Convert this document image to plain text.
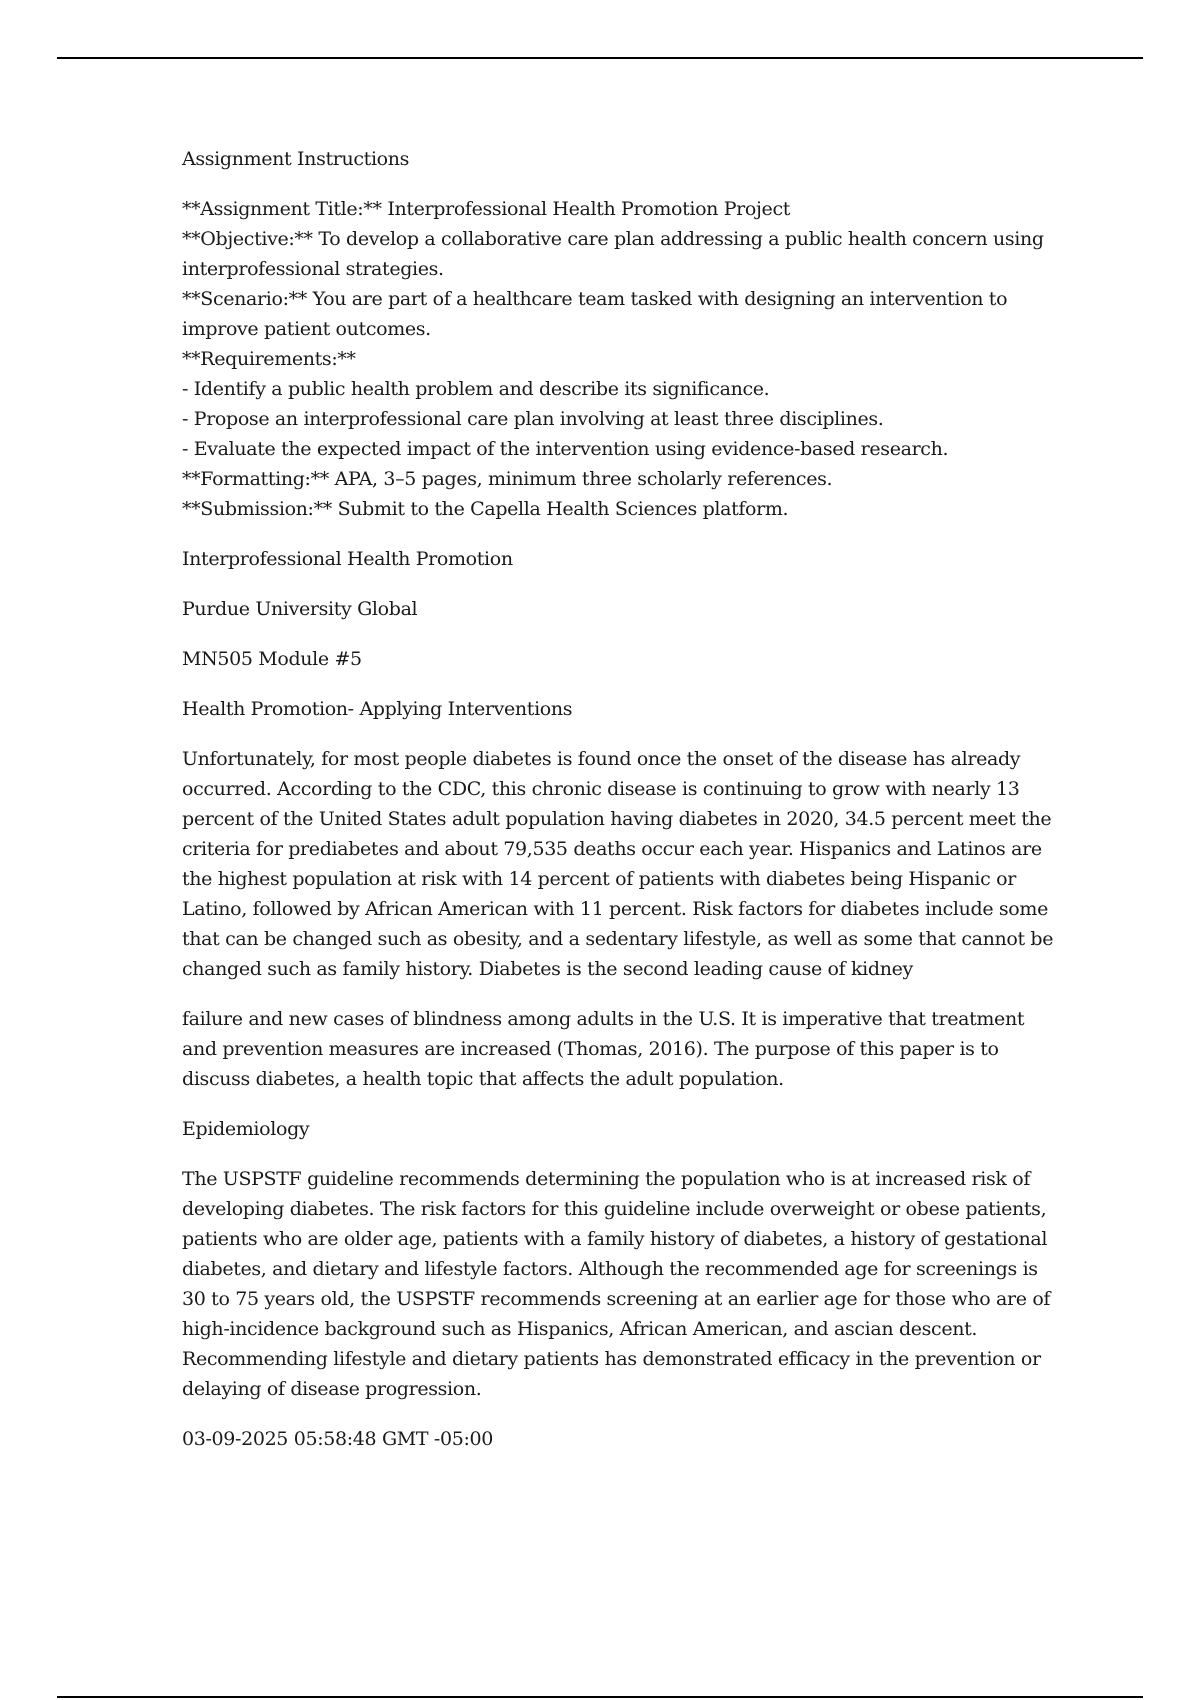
Assignment Instructions

**Assignment Title:** Interprofessional Health Promotion Project
**Objective:** To develop a collaborative care plan addressing a public health concern using interprofessional strategies.
**Scenario:** You are part of a healthcare team tasked with designing an intervention to improve patient outcomes.
**Requirements:**
- Identify a public health problem and describe its significance.
- Propose an interprofessional care plan involving at least three disciplines.
- Evaluate the expected impact of the intervention using evidence-based research.
**Formatting:** APA, 3–5 pages, minimum three scholarly references.
**Submission:** Submit to the Capella Health Sciences platform.

Interprofessional Health Promotion

Purdue University Global

MN505 Module #5

Health Promotion- Applying Interventions

Unfortunately, for most people diabetes is found once the onset of the disease has already occurred. According to the CDC, this chronic disease is continuing to grow with nearly 13 percent of the United States adult population having diabetes in 2020, 34.5 percent meet the criteria for prediabetes and about 79,535 deaths occur each year. Hispanics and Latinos are the highest population at risk with 14 percent of patients with diabetes being Hispanic or Latino, followed by African American with 11 percent. Risk factors for diabetes include some that can be changed such as obesity, and a sedentary lifestyle, as well as some that cannot be changed such as family history. Diabetes is the second leading cause of kidney

failure and new cases of blindness among adults in the U.S. It is imperative that treatment and prevention measures are increased (Thomas, 2016). The purpose of this paper is to discuss diabetes, a health topic that affects the adult population.

Epidemiology

The USPSTF guideline recommends determining the population who is at increased risk of developing diabetes. The risk factors for this guideline include overweight or obese patients, patients who are older age, patients with a family history of diabetes, a history of gestational diabetes, and dietary and lifestyle factors. Although the recommended age for screenings is 30 to 75 years old, the USPSTF recommends screening at an earlier age for those who are of high-incidence background such as Hispanics, African American, and ascian descent. Recommending lifestyle and dietary patients has demonstrated efficacy in the prevention or delaying of disease progression.

03-09-2025 05:58:48 GMT -05:00
